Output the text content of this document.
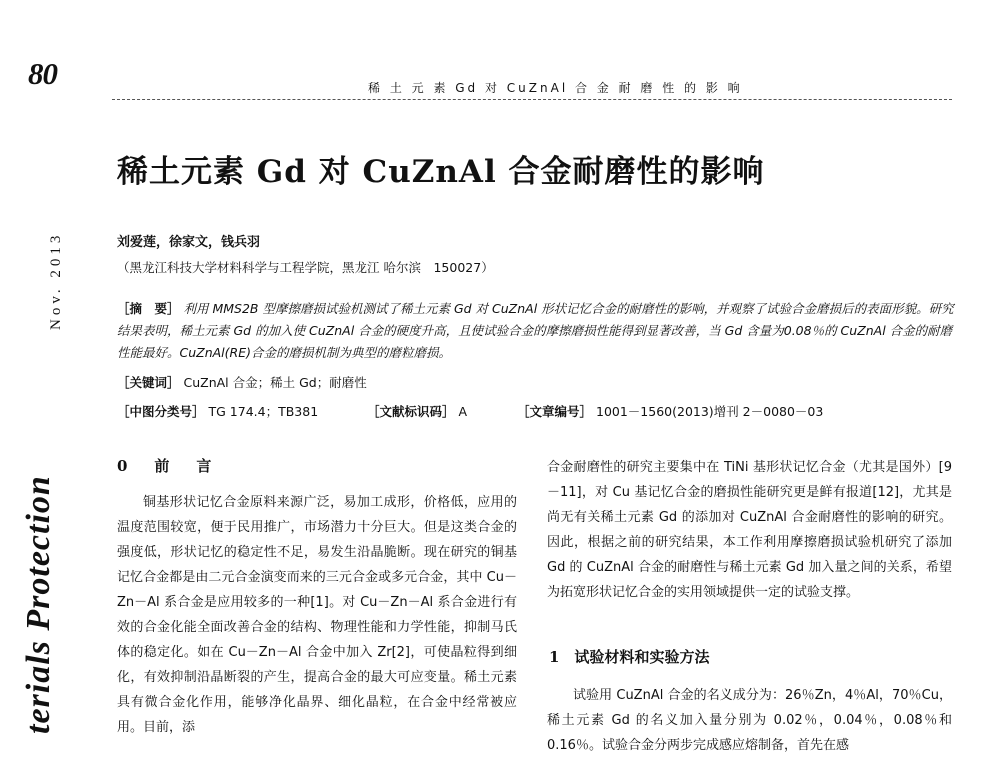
80	稀 土 元 素 Gd 对 CuZnAl 合 金 耐 磨 性 的 影 响
稀土元素 Gd 对 CuZnAl 合金耐磨性的影响
刘爱莲，徐家文，钱兵羽
（黑龙江科技大学材料科学与工程学院，黑龙江 哈尔滨　150027）
［摘　要］ 利用 MMS2B 型摩擦磨损试验机测试了稀土元素 Gd 对 CuZnAl 形状记忆合金的耐磨性的影响，并观察了试验合金磨损后的表面形貌。研究结果表明，稀土元素 Gd 的加入使 CuZnAl 合金的硬度升高，且使试验合金的摩擦磨损性能得到显著改善，当 Gd 含量为0.08％的 CuZnAl 合金的耐磨性能最好。CuZnAl(RE)合金的磨损机制为典型的磨粒磨损。
［关键词］ CuZnAl 合金；稀土 Gd；耐磨性
［中图分类号］ TG 174.4；TB381	［文献标识码］ A	［文章编号］ 1001－1560(2013)增刊 2－0080－03
Nov. 2013
terials Protection
0　前　言
铜基形状记忆合金原料来源广泛，易加工成形，价格低，应用的温度范围较宽，便于民用推广，市场潜力十分巨大。但是这类合金的强度低，形状记忆的稳定性不足，易发生沿晶脆断。现在研究的铜基记忆合金都是由二元合金演变而来的三元合金或多元合金，其中 Cu－Zn－Al 系合金是应用较多的一种[1]。对 Cu－Zn－Al 系合金进行有效的合金化能全面改善合金的结构、物理性能和力学性能，抑制马氏体的稳定化。如在 Cu－Zn－Al 合金中加入 Zr[2]，可使晶粒得到细化，有效抑制沿晶断裂的产生，提高合金的最大可应变量。稀土元素具有微合金化作用，能够净化晶界、细化晶粒，在合金中经常被应用。目前，添
合金耐磨性的研究主要集中在 TiNi 基形状记忆合金（尤其是国外）[9－11]，对 Cu 基记忆合金的磨损性能研究更是鲜有报道[12]，尤其是尚无有关稀土元素 Gd 的添加对 CuZnAl 合金耐磨性的影响的研究。因此，根据之前的研究结果，本工作利用摩擦磨损试验机研究了添加 Gd 的 CuZnAl 合金的耐磨性与稀土元素 Gd 加入量之间的关系，希望为拓宽形状记忆合金的实用领域提供一定的试验支撑。
1　试验材料和实验方法
试验用 CuZnAl 合金的名义成分为：26％Zn，4％Al，70％Cu，稀土元素 Gd 的名义加入量分别为 0.02％，0.04％，0.08％和 0.16％。试验合金分两步完成感应熔制备，首先在感
